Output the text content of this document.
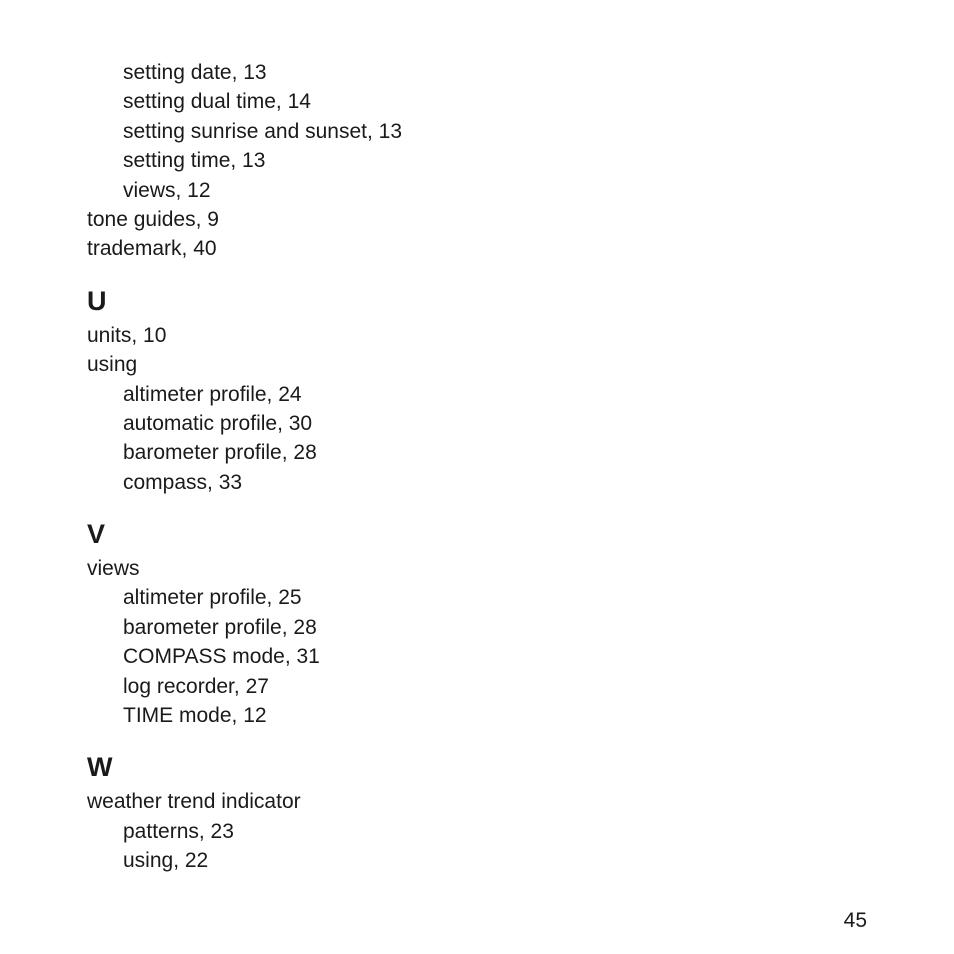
setting date, 13
setting dual time, 14
setting sunrise and sunset, 13
setting time, 13
views, 12
tone guides, 9
trademark, 40
U
units, 10
using
altimeter profile, 24
automatic profile, 30
barometer profile, 28
compass, 33
V
views
altimeter profile, 25
barometer profile, 28
COMPASS mode, 31
log recorder, 27
TIME mode, 12
W
weather trend indicator
patterns, 23
using, 22
45
